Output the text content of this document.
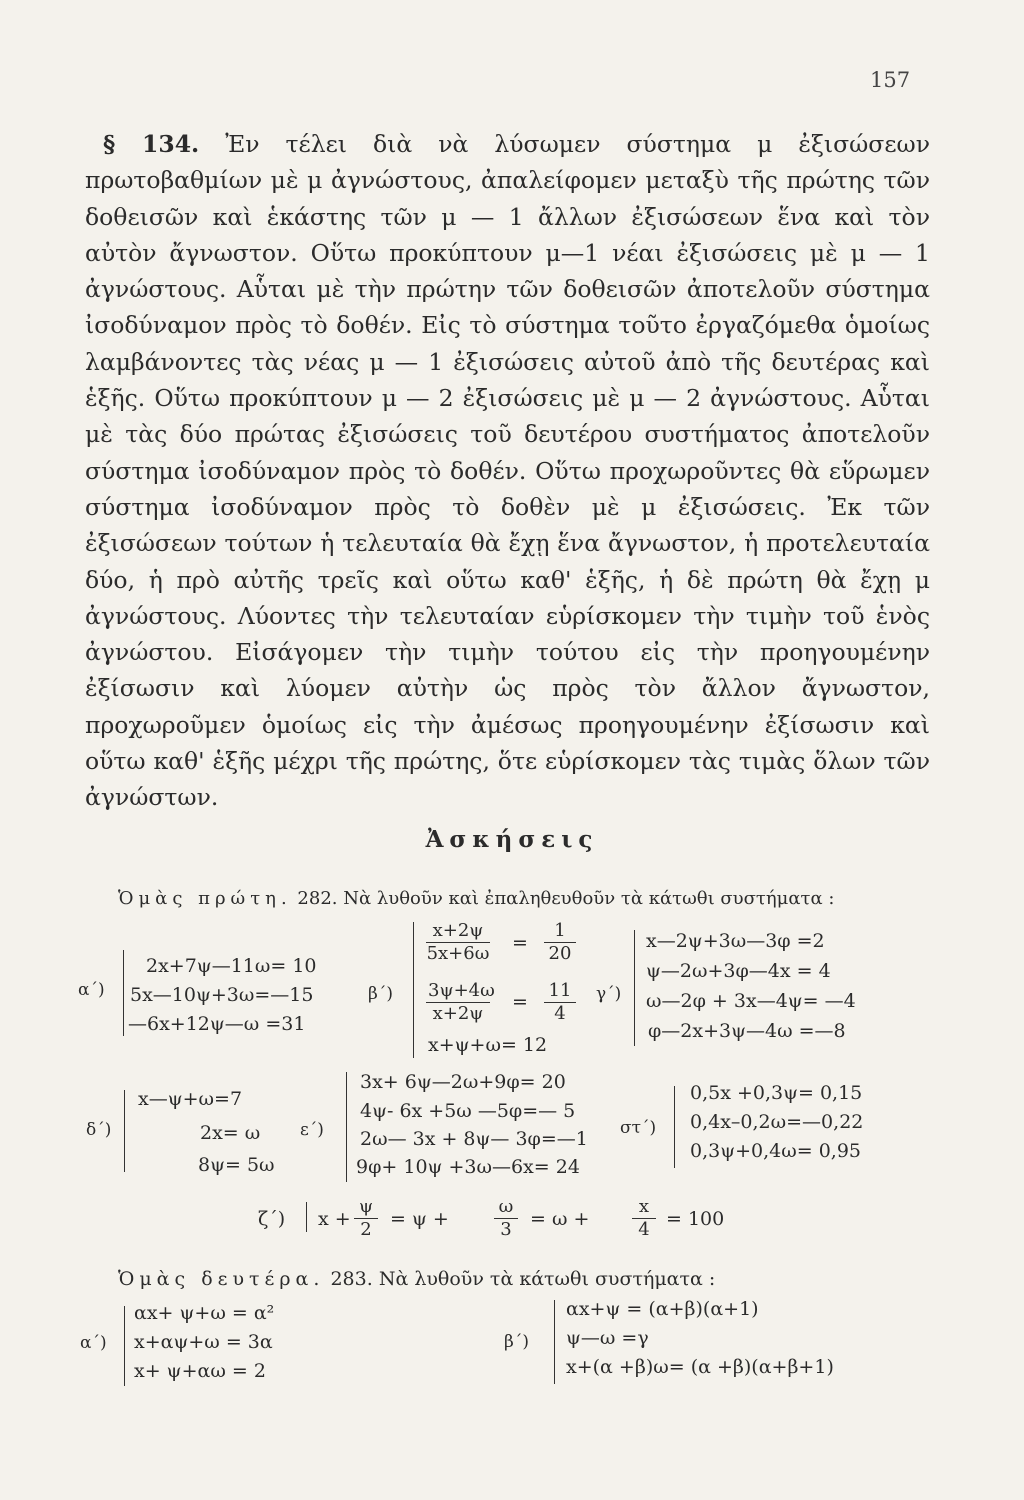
157

§ 134. Ἐν τέλει διὰ νὰ λύσωμεν σύστημα μ ἐξισώσεων πρωτοβαθμίων μὲ μ ἀγνώστους, ἀπαλείφομεν μεταξὺ τῆς πρώτης τῶν δοθεισῶν καὶ ἑκάστης τῶν μ — 1 ἄλλων ἐξισώσεων ἕνα καὶ τὸν αὐτὸν ἄγνωστον. Οὕτω προκύπτουν μ—1 νέαι ἐξισώσεις μὲ μ — 1 ἀγνώστους. Αὗται μὲ τὴν πρώτην τῶν δοθεισῶν ἀποτελοῦν σύστημα ἰσοδύναμον πρὸς τὸ δοθέν. Εἰς τὸ σύστημα τοῦτο ἐργαζόμεθα ὁμοίως λαμβάνοντες τὰς νέας μ — 1 ἐξισώσεις αὐτοῦ ἀπὸ τῆς δευτέρας καὶ ἑξῆς. Οὕτω προκύπτουν μ — 2 ἐξισώσεις μὲ μ — 2 ἀγνώστους. Αὗται μὲ τὰς δύο πρώτας ἐξισώσεις τοῦ δευτέρου συστήματος ἀποτελοῦν σύστημα ἰσοδύναμον πρὸς τὸ δοθέν. Οὕτω προχωροῦντες θὰ εὕρωμεν σύστημα ἰσοδύναμον πρὸς τὸ δοθὲν μὲ μ ἐξισώσεις. Ἐκ τῶν ἐξισώσεων τούτων ἡ τελευταία θὰ ἔχῃ ἕνα ἄγνωστον, ἡ προτελευταία δύο, ἡ πρὸ αὐτῆς τρεῖς καὶ οὕτω καθ' ἑξῆς, ἡ δὲ πρώτη θὰ ἔχῃ μ ἀγνώστους. Λύοντες τὴν τελευταίαν εὑρίσκομεν τὴν τιμὴν τοῦ ἑνὸς ἀγνώστου. Εἰσάγομεν τὴν τιμὴν τούτου εἰς τὴν προηγουμένην ἐξίσωσιν καὶ λύομεν αὐτὴν ὡς πρὸς τὸν ἄλλον ἄγνωστον, προχωροῦμεν ὁμοίως εἰς τὴν ἀμέσως προηγουμένην ἐξίσωσιν καὶ οὕτω καθ' ἑξῆς μέχρι τῆς πρώτης, ὅτε εὑρίσκομεν τὰς τιμὰς ὅλων τῶν ἀγνώστων.

Ἀσκήσεις
Ὁμὰς πρώτη. 282. Νὰ λυθοῦν καὶ ἐπαληθευθοῦν τὰ κάτωθι συστήματα :
α΄)
2x+7ψ—11ω= 10
5x—10ψ+3ω=—15
—6x+12ψ—ω =31
β΄)
$\frac{x+2\psi}{5x+6\omega} = \frac{1}{20}$
$\frac{3\psi+4\omega}{x+2\psi} = \frac{11}{4}$
x+ψ+ω= 12
γ΄)
x—2ψ+3ω—3φ =2
ψ—2ω+3φ—4x = 4
ω—2φ + 3x—4ψ= —4
φ—2x+3ψ—4ω =—8
δ΄)
x—ψ+ω=7
2x= ω
8ψ= 5ω
ε΄)
3x+ 6ψ—2ω+9φ= 20
4ψ- 6x +5ω —5φ=— 5
2ω— 3x + 8ψ— 3φ=—1
9φ+ 10ψ +3ω—6x= 24
στ΄)
0,5x +0,3ψ= 0,15
0,4x–0,2ω=—0,22
0,3ψ+0,4ω= 0,95
ζ΄) $x + \frac{\psi}{2} = \psi$ +	$\frac{\omega}{3} = \omega + \frac{x}{4} = 100$
Ὁμὰς δευτέρα. 283. Νὰ λυθοῦν τὰ κάτωθι συστήματα :
α΄)
αx+ ψ+ω = α²
x+αψ+ω = 3α
x+ ψ+αω = 2
β΄)
αx+ψ = (α+β)(α+1)
ψ—ω =γ
x+(α +β)ω= (α +β)(α+β+1)
